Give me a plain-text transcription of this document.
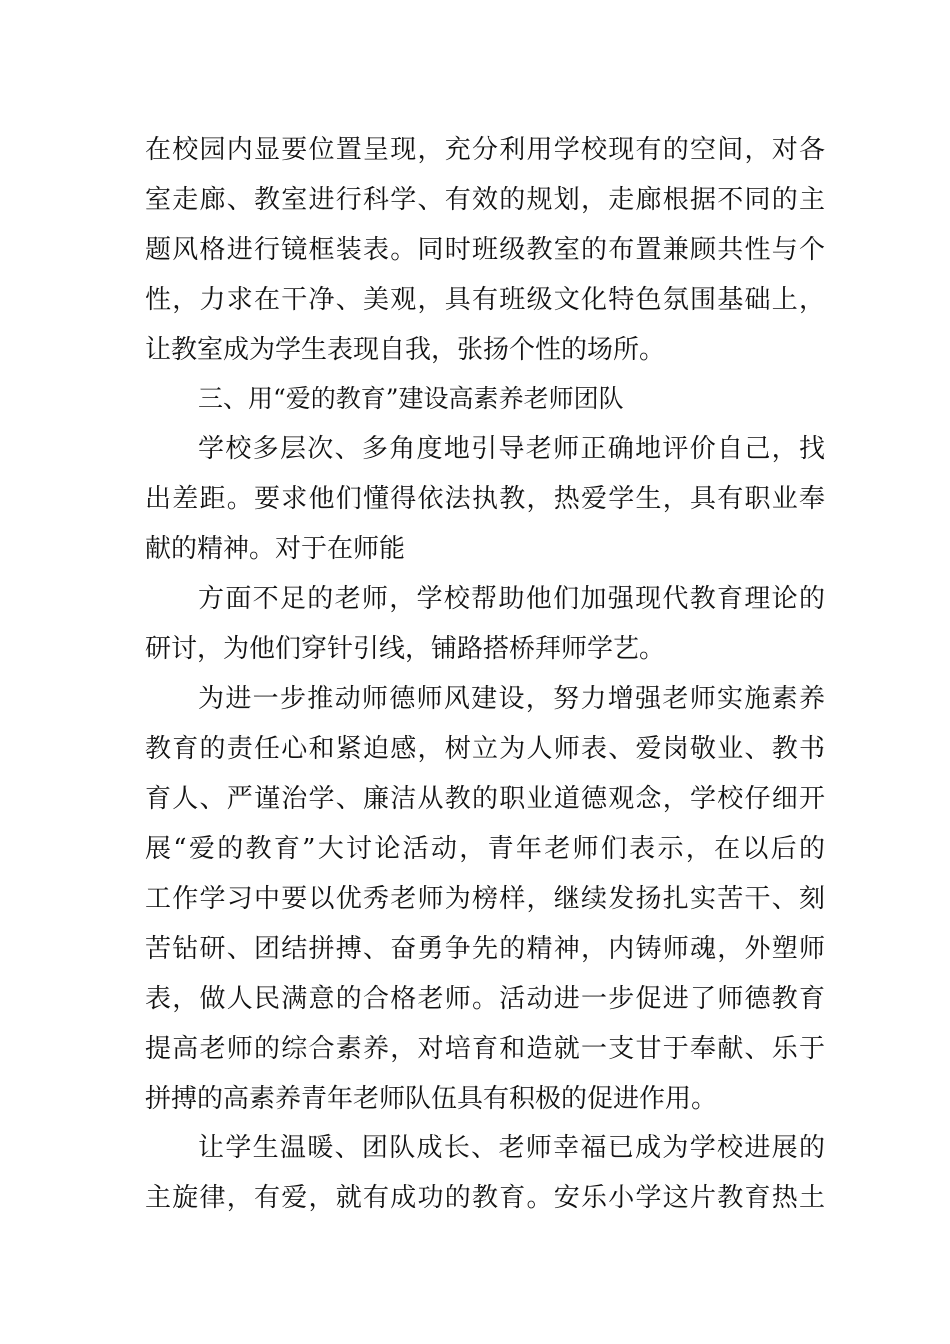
在校园内显要位置呈现，充分利用学校现有的空间，对各
室走廊、教室进行科学、有效的规划，走廊根据不同的主
题风格进行镜框装表。同时班级教室的布置兼顾共性与个
性，力求在干净、美观，具有班级文化特色氛围基础上，
让教室成为学生表现自我，张扬个性的场所。
三、用“爱的教育”建设高素养老师团队
学校多层次、多角度地引导老师正确地评价自己，找
出差距。要求他们懂得依法执教，热爱学生，具有职业奉
献的精神。对于在师能
方面不足的老师，学校帮助他们加强现代教育理论的
研讨，为他们穿针引线，铺路搭桥拜师学艺。
为进一步推动师德师风建设，努力增强老师实施素养
教育的责任心和紧迫感，树立为人师表、爱岗敬业、教书
育人、严谨治学、廉洁从教的职业道德观念，学校仔细开
展“爱的教育”大讨论活动，青年老师们表示，在以后的
工作学习中要以优秀老师为榜样，继续发扬扎实苦干、刻
苦钻研、团结拼搏、奋勇争先的精神，内铸师魂，外塑师
表，做人民满意的合格老师。活动进一步促进了师德教育
提高老师的综合素养，对培育和造就一支甘于奉献、乐于
拼搏的高素养青年老师队伍具有积极的促进作用。
让学生温暖、团队成长、老师幸福已成为学校进展的
主旋律，有爱，就有成功的教育。安乐小学这片教育热土
